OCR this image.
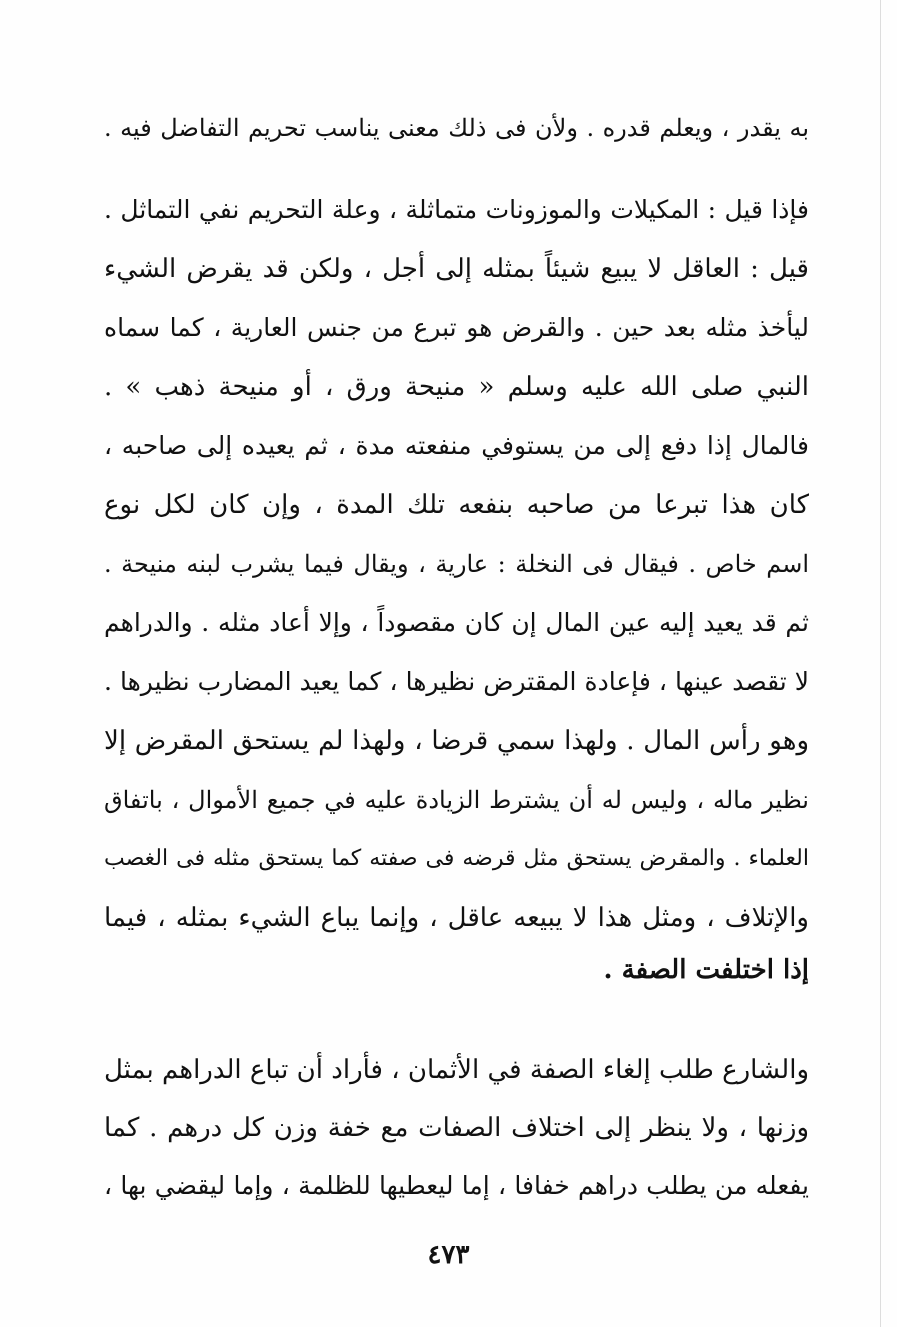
به يقدر ، ويعلم قدره . ولأن فى ذلك معنى يناسب تحريم التفاضل فيه .
فإذا قيل : المكيلات والموزونات متماثلة ، وعلة التحريم نفي التماثل .
قيل : العاقل لا يبيع شيئاً بمثله إلى أجل ، ولكن قد يقرض الشيء
ليأخذ مثله بعد حين . والقرض هو تبرع من جنس العارية ، كما سماه
النبي صلى الله عليه وسلم « منيحة ورق ، أو منيحة ذهب » .
فالمال إذا دفع إلى من يستوفي منفعته مدة ، ثم يعيده إلى صاحبه ،
كان هذا تبرعا من صاحبه بنفعه تلك المدة ، وإن كان لكل نوع
اسم خاص . فيقال فى النخلة : عارية ، ويقال فيما يشرب لبنه منيحة .
ثم قد يعيد إليه عين المال إن كان مقصوداً ، وإلا أعاد مثله . والدراهم
لا تقصد عينها ، فإعادة المقترض نظيرها ، كما يعيد المضارب نظيرها .
وهو رأس المال . ولهذا سمي قرضا ، ولهذا لم يستحق المقرض إلا
نظير ماله ، وليس له أن يشترط الزيادة عليه في جميع الأموال ، باتفاق
العلماء . والمقرض يستحق مثل قرضه فى صفته كما يستحق مثله فى الغصب
والإتلاف ، ومثل هذا لا يبيعه عاقل ، وإنما يباع الشيء بمثله ، فيما
إذا اختلفت الصفة .
والشارع طلب إلغاء الصفة في الأثمان ، فأراد أن تباع الدراهم بمثل
وزنها ، ولا ينظر إلى اختلاف الصفات مع خفة وزن كل درهم . كما
يفعله من يطلب دراهم خفافا ، إما ليعطيها للظلمة ، وإما ليقضي بها ،
٤٧٣
